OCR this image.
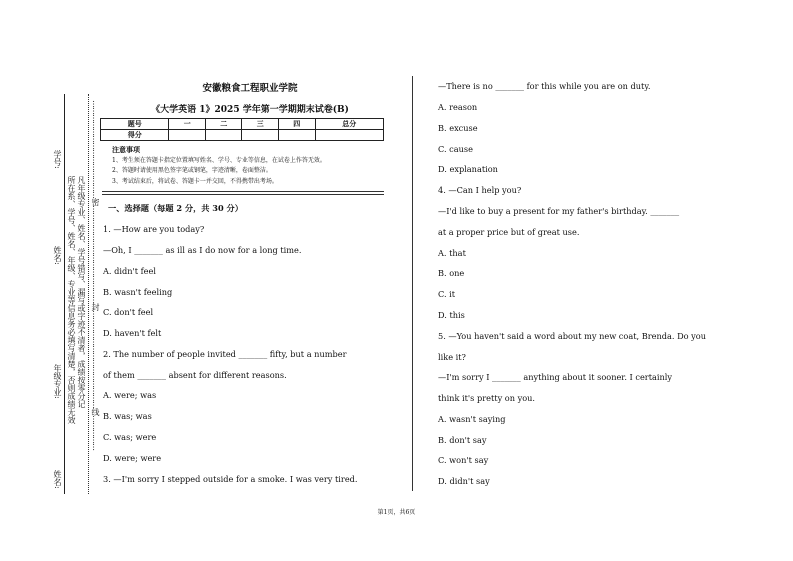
学号:
姓名:
年级专业:
姓名:
所在系、学号、姓名、年级、专业等信息务必填写清楚，否则成绩无效 凡年级专业、姓名、学号错写、漏写或字迹不清者，成绩按零分记 ……………………………………密……………………………………封……………………………………线……………
安徽粮食工程职业学院
《大学英语 1》2025 学年第一学期期末试卷(B)
题号	一	二	三	四	总分
得分					
注意事项
1、考生须在答题卡指定位置填写姓名、学号、专业等信息，在试卷上作答无效。
2、答题时请使用黑色签字笔或钢笔，字迹清晰，卷面整洁。
3、考试结束后，将试卷、答题卡一并交回，不得携带出考场。
一、选择题（每题 2 分，共 30 分）
1. —How are you today?
—Oh, I _______ as ill as I do now for a long time.
A. didn't feel
B. wasn't feeling
C. don't feel
D. haven't felt
2. The number of people invited _______ fifty, but a number
of them _______ absent for different reasons.
A. were; was
B. was; was
C. was; were
D. were; were
3. —I'm sorry I stepped outside for a smoke. I was very tired.
—There is no _______ for this while you are on duty.
A. reason
B. excuse
C. cause
D. explanation
4. —Can I help you?
—I'd like to buy a present for my father's birthday. _______
at a proper price but of great use.
A. that
B. one
C. it
D. this
5. —You haven't said a word about my new coat, Brenda. Do you
like it?
—I'm sorry I _______ anything about it sooner. I certainly
think it's pretty on you.
A. wasn't saying
B. don't say
C. won't say
D. didn't say
第1页，共6页
